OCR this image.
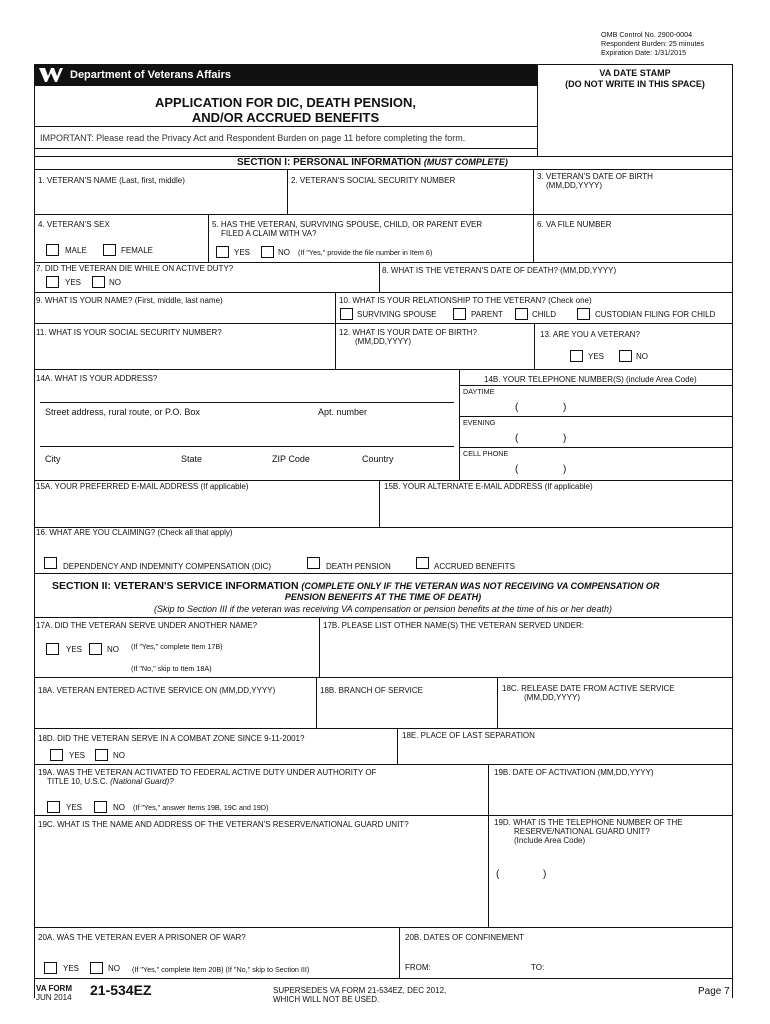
OMB Control No. 2900-0004
Respondent Burden: 25 minutes
Expiration Date: 1/31/2015
Department of Veterans Affairs
APPLICATION FOR DIC, DEATH PENSION,
AND/OR ACCRUED BENEFITS
IMPORTANT: Please read the Privacy Act and Respondent Burden on page 11 before completing the form.
VA DATE STAMP
(DO NOT WRITE IN THIS SPACE)
SECTION I: PERSONAL INFORMATION (MUST COMPLETE)
1. VETERAN'S NAME (Last, first, middle)	2. VETERAN'S SOCIAL SECURITY NUMBER	3. VETERAN'S DATE OF BIRTH
(MM,DD,YYYY)
4. VETERAN'S SEX
MALE	FEMALE
5. HAS THE VETERAN, SURVIVING SPOUSE, CHILD, OR PARENT EVER
FILED A CLAIM WITH VA?
YES	NO (If "Yes," provide the file number in Item 6)
6. VA FILE NUMBER
7. DID THE VETERAN DIE WHILE ON ACTIVE DUTY?
YES	NO
8. WHAT IS THE VETERAN'S DATE OF DEATH? (MM,DD,YYYY)
9. WHAT IS YOUR NAME? (First, middle, last name)	10. WHAT IS YOUR RELATIONSHIP TO THE VETERAN? (Check one)
SURVIVING SPOUSE	PARENT	CHILD	CUSTODIAN FILING FOR CHILD
11. WHAT IS YOUR SOCIAL SECURITY NUMBER?	12. WHAT IS YOUR DATE OF BIRTH?
(MM,DD,YYYY)
13. ARE YOU A VETERAN?
YES	NO
14A. WHAT IS YOUR ADDRESS?
Street address, rural route, or P.O. Box	Apt. number
City	State	ZIP Code	Country
14B. YOUR TELEPHONE NUMBER(S) (include Area Code)
DAYTIME
(	)
EVENING
(	)
CELL PHONE
(	)
15A. YOUR PREFERRED E-MAIL ADDRESS (If applicable)	15B. YOUR ALTERNATE E-MAIL ADDRESS (If applicable)
16. WHAT ARE YOU CLAIMING? (Check all that apply)
DEPENDENCY AND INDEMNITY COMPENSATION (DIC)	DEATH PENSION	ACCRUED BENEFITS
SECTION II: VETERAN'S SERVICE INFORMATION (COMPLETE ONLY IF THE VETERAN WAS NOT RECEIVING VA COMPENSATION OR
PENSION BENEFITS AT THE TIME OF DEATH)
(Skip to Section III if the veteran was receiving VA compensation or pension benefits at the time of his or her death)
17A. DID THE VETERAN SERVE UNDER ANOTHER NAME?
YES	NO (If "Yes," complete Item 17B)
(If "No," skip to Item 18A)
17B. PLEASE LIST OTHER NAME(S) THE VETERAN SERVED UNDER:
18A. VETERAN ENTERED ACTIVE SERVICE ON (MM,DD,YYYY)	18B. BRANCH OF SERVICE	18C. RELEASE DATE FROM ACTIVE SERVICE
(MM,DD,YYYY)
18D. DID THE VETERAN SERVE IN A COMBAT ZONE SINCE 9-11-2001?
YES	NO
18E. PLACE OF LAST SEPARATION
19A. WAS THE VETERAN ACTIVATED TO FEDERAL ACTIVE DUTY UNDER AUTHORITY OF
TITLE 10, U.S.C. (National Guard)?
YES	NO (If "Yes," answer Items 19B, 19C and 19D)
19B. DATE OF ACTIVATION (MM,DD,YYYY)
19C. WHAT IS THE NAME AND ADDRESS OF THE VETERAN'S RESERVE/NATIONAL GUARD UNIT?	19D. WHAT IS THE TELEPHONE NUMBER OF THE
RESERVE/NATIONAL GUARD UNIT?
(Include Area Code)
(	)
20A. WAS THE VETERAN EVER A PRISONER OF WAR?
YES	NO (If "Yes," complete Item 20B) (If "No," skip to Section III)
20B. DATES OF CONFINEMENT
FROM:	TO:
VA FORM
JUN 2014 21-534EZ	SUPERSEDES VA FORM 21-534EZ, DEC 2012,
WHICH WILL NOT BE USED.
Page 7
